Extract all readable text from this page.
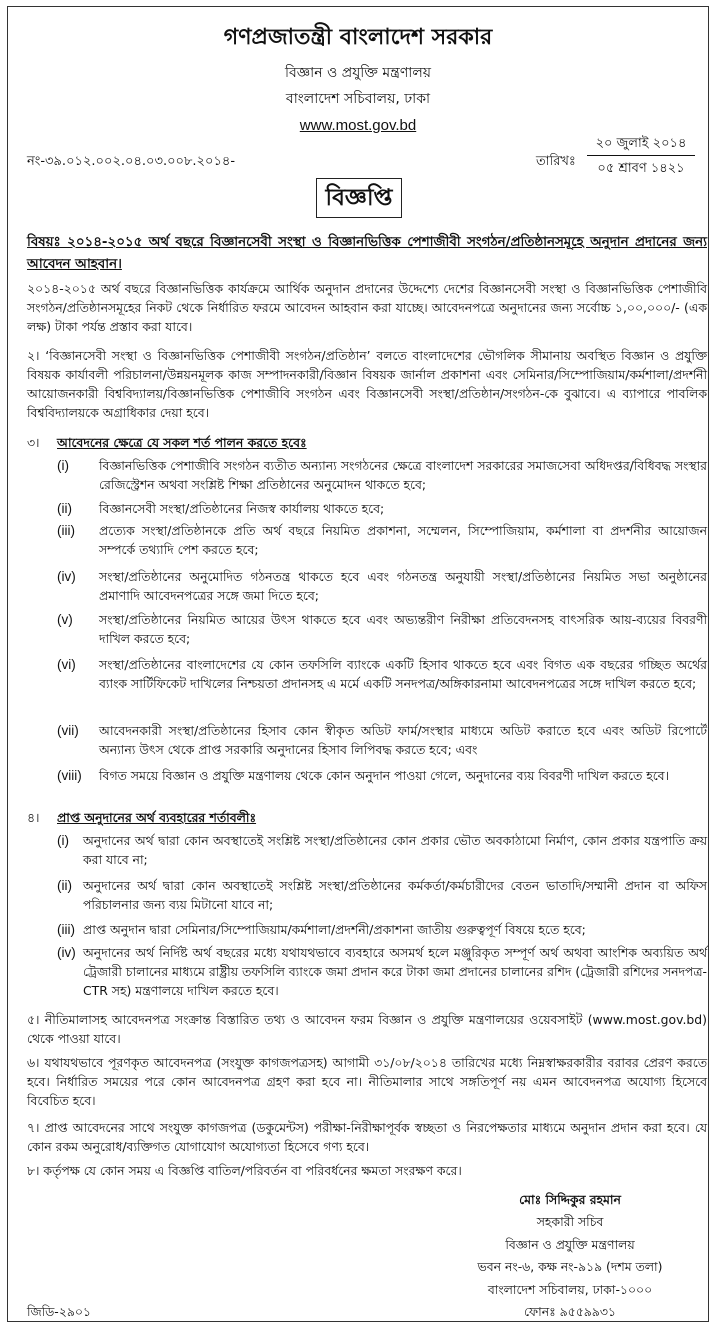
গণপ্রজাতন্ত্রী বাংলাদেশ সরকার
বিজ্ঞান ও প্রযুক্তি মন্ত্রণালয়
বাংলাদেশ সচিবালয়, ঢাকা
www.most.gov.bd
নং-৩৯.০১২.০০২.০৪.০৩.০০৮.২০১৪-	তারিখঃ
২০ জুলাই ২০১৪
০৫ শ্রাবণ ১৪২১
বিজ্ঞপ্তি
বিষয়ঃ ২০১৪-২০১৫ অর্থ বছরে বিজ্ঞানসেবী সংস্থা ও বিজ্ঞানভিত্তিক পেশাজীবী সংগঠন/প্রতিষ্ঠানসমূহে অনুদান প্রদানের জন্য আবেদন আহবান।
২০১৪-২০১৫ অর্থ বছরে বিজ্ঞানভিত্তিক কার্যক্রমে আর্থিক অনুদান প্রদানের উদ্দেশ্যে দেশের বিজ্ঞানসেবী সংস্থা ও বিজ্ঞানভিত্তিক পেশাজীবি সংগঠন/প্রতিষ্ঠানসমূহের নিকট থেকে নির্ধারিত ফরমে আবেদন আহবান করা যাচ্ছে। আবেদনপত্রে অনুদানের জন্য সর্বোচ্চ ১,০০,০০০/- (এক লক্ষ) টাকা পর্যন্ত প্রস্তাব করা যাবে।
২। ‘বিজ্ঞানসেবী সংস্থা ও বিজ্ঞানভিত্তিক পেশাজীবী সংগঠন/প্রতিষ্ঠান’ বলতে বাংলাদেশের ভৌগলিক সীমানায় অবস্থিত বিজ্ঞান ও প্রযুক্তি বিষয়ক কার্যাবলী পরিচালনা/উন্নয়নমূলক কাজ সম্পাদনকারী/বিজ্ঞান বিষয়ক জার্নাল প্রকাশনা এবং সেমিনার/সিম্পোজিয়াম/কর্মশালা/প্রদর্শনী আয়োজনকারী বিশ্ববিদ্যালয়/বিজ্ঞানভিত্তিক পেশাজীবি সংগঠন এবং বিজ্ঞানসেবী সংস্থা/প্রতিষ্ঠান/সংগঠন-কে বুঝাবে। এ ব্যাপারে পাবলিক বিশ্ববিদ্যালয়কে অগ্রাধিকার দেয়া হবে।
৩। আবেদনের ক্ষেত্রে যে সকল শর্ত পালন করতে হবেঃ
(i) বিজ্ঞানভিত্তিক পেশাজীবি সংগঠন ব্যতীত অন্যান্য সংগঠনের ক্ষেত্রে বাংলাদেশ সরকারের সমাজসেবা অধিদপ্তর/বিধিবদ্ধ সংস্থার রেজিস্ট্রেশন অথবা সংশ্লিষ্ট শিক্ষা প্রতিষ্ঠানের অনুমোদন থাকতে হবে;
(ii) বিজ্ঞানসেবী সংস্থা/প্রতিষ্ঠানের নিজস্ব কার্যালয় থাকতে হবে;
(iii) প্রত্যেক সংস্থা/প্রতিষ্ঠানকে প্রতি অর্থ বছরে নিয়মিত প্রকাশনা, সম্মেলন, সিম্পোজিয়াম, কর্মশালা বা প্রদর্শনীর আয়োজন সম্পর্কে তথ্যাদি পেশ করতে হবে;
(iv) সংস্থা/প্রতিষ্ঠানের অনুমোদিত গঠনতন্ত্র থাকতে হবে এবং গঠনতন্ত্র অনুযায়ী সংস্থা/প্রতিষ্ঠানের নিয়মিত সভা অনুষ্ঠানের প্রমাণাদি আবেদনপত্রের সঙ্গে জমা দিতে হবে;
(v) সংস্থা/প্রতিষ্ঠানের নিয়মিত আয়ের উৎস থাকতে হবে এবং অভ্যন্তরীণ নিরীক্ষা প্রতিবেদনসহ বাৎসরিক আয়-ব্যয়ের বিবরণী দাখিল করতে হবে;
(vi) সংস্থা/প্রতিষ্ঠানের বাংলাদেশের যে কোন তফসিলি ব্যাংকে একটি হিসাব থাকতে হবে এবং বিগত এক বছরের গচ্ছিত অর্থের ব্যাংক সার্টিফিকেট দাখিলের নিশ্চয়তা প্রদানসহ এ মর্মে একটি সনদপত্র/অঙ্গিকারনামা আবেদনপত্রের সঙ্গে দাখিল করতে হবে;
(vii) আবেদনকারী সংস্থা/প্রতিষ্ঠানের হিসাব কোন স্বীকৃত অডিট ফার্ম/সংস্থার মাধ্যমে অডিট করাতে হবে এবং অডিট রিপোর্টে অন্যান্য উৎস থেকে প্রাপ্ত সরকারি অনুদানের হিসাব লিপিবদ্ধ করতে হবে; এবং
(viii) বিগত সময়ে বিজ্ঞান ও প্রযুক্তি মন্ত্রণালয় থেকে কোন অনুদান পাওয়া গেলে, অনুদানের ব্যয় বিবরণী দাখিল করতে হবে।
৪। প্রাপ্ত অনুদানের অর্থ ব্যবহারের শর্তাবলীঃ
(i) অনুদানের অর্থ দ্বারা কোন অবস্থাতেই সংশ্লিষ্ট সংস্থা/প্রতিষ্ঠানের কোন প্রকার ভৌত অবকাঠামো নির্মাণ, কোন প্রকার যন্ত্রপাতি ক্রয় করা যাবে না;
(ii) অনুদানের অর্থ দ্বারা কোন অবস্থাতেই সংশ্লিষ্ট সংস্থা/প্রতিষ্ঠানের কর্মকর্তা/কর্মচারীদের বেতন ভাতাদি/সম্মানী প্রদান বা অফিস পরিচালনার জন্য ব্যয় মিটানো যাবে না;
(iii) প্রাপ্ত অনুদান দ্বারা সেমিনার/সিম্পোজিয়াম/কর্মশালা/প্রদর্শনী/প্রকাশনা জাতীয় গুরুত্বপূর্ণ বিষয়ে হতে হবে;
(iv) অনুদানের অর্থ নির্দিষ্ট অর্থ বছরের মধ্যে যথাযথভাবে ব্যবহারে অসমর্থ হলে মঞ্জুরিকৃত সম্পূর্ণ অর্থ অথবা আংশিক অব্যয়িত অর্থ ট্রেজারী চালানের মাধ্যমে রাষ্ট্রীয় তফসিলি ব্যাংকে জমা প্রদান করে টাকা জমা প্রদানের চালানের রশিদ (ট্রেজারী রশিদের সনদপত্র-CTR সহ) মন্ত্রণালয়ে দাখিল করতে হবে।
৫। নীতিমালাসহ আবেদনপত্র সংক্রান্ত বিস্তারিত তথ্য ও আবেদন ফরম বিজ্ঞান ও প্রযুক্তি মন্ত্রণালয়ের ওয়েবসাইট (www.most.gov.bd) থেকে পাওয়া যাবে।
৬। যথাযথভাবে পূরণকৃত আবেদনপত্র (সংযুক্ত কাগজপত্রসহ) আগামী ৩১/০৮/২০১৪ তারিখের মধ্যে নিম্নস্বাক্ষরকারীর বরাবর প্রেরণ করতে হবে। নির্ধারিত সময়ের পরে কোন আবেদনপত্র গ্রহণ করা হবে না। নীতিমালার সাথে সঙ্গতিপূর্ণ নয় এমন আবেদনপত্র অযোগ্য হিসেবে বিবেচিত হবে।
৭। প্রাপ্ত আবেদনের সাথে সংযুক্ত কাগজপত্র (ডকুমেন্টস) পরীক্ষা-নিরীক্ষাপূর্বক স্বচ্ছতা ও নিরপেক্ষতার মাধ্যমে অনুদান প্রদান করা হবে। যে কোন রকম অনুরোধ/ব্যক্তিগত যোগাযোগ অযোগ্যতা হিসেবে গণ্য হবে।
৮। কর্তৃপক্ষ যে কোন সময় এ বিজ্ঞপ্তি বাতিল/পরিবর্তন বা পরিবর্ধনের ক্ষমতা সংরক্ষণ করে।
মোঃ সিদ্দিকুর রহমান
সহকারী সচিব
বিজ্ঞান ও প্রযুক্তি মন্ত্রণালয়
ভবন নং-৬, কক্ষ নং-৯১৯ (দশম তলা)
বাংলাদেশ সচিবালয়, ঢাকা-১০০০
ফোনঃ ৯৫৫৯৯৩১
জিডি-২৯০১
